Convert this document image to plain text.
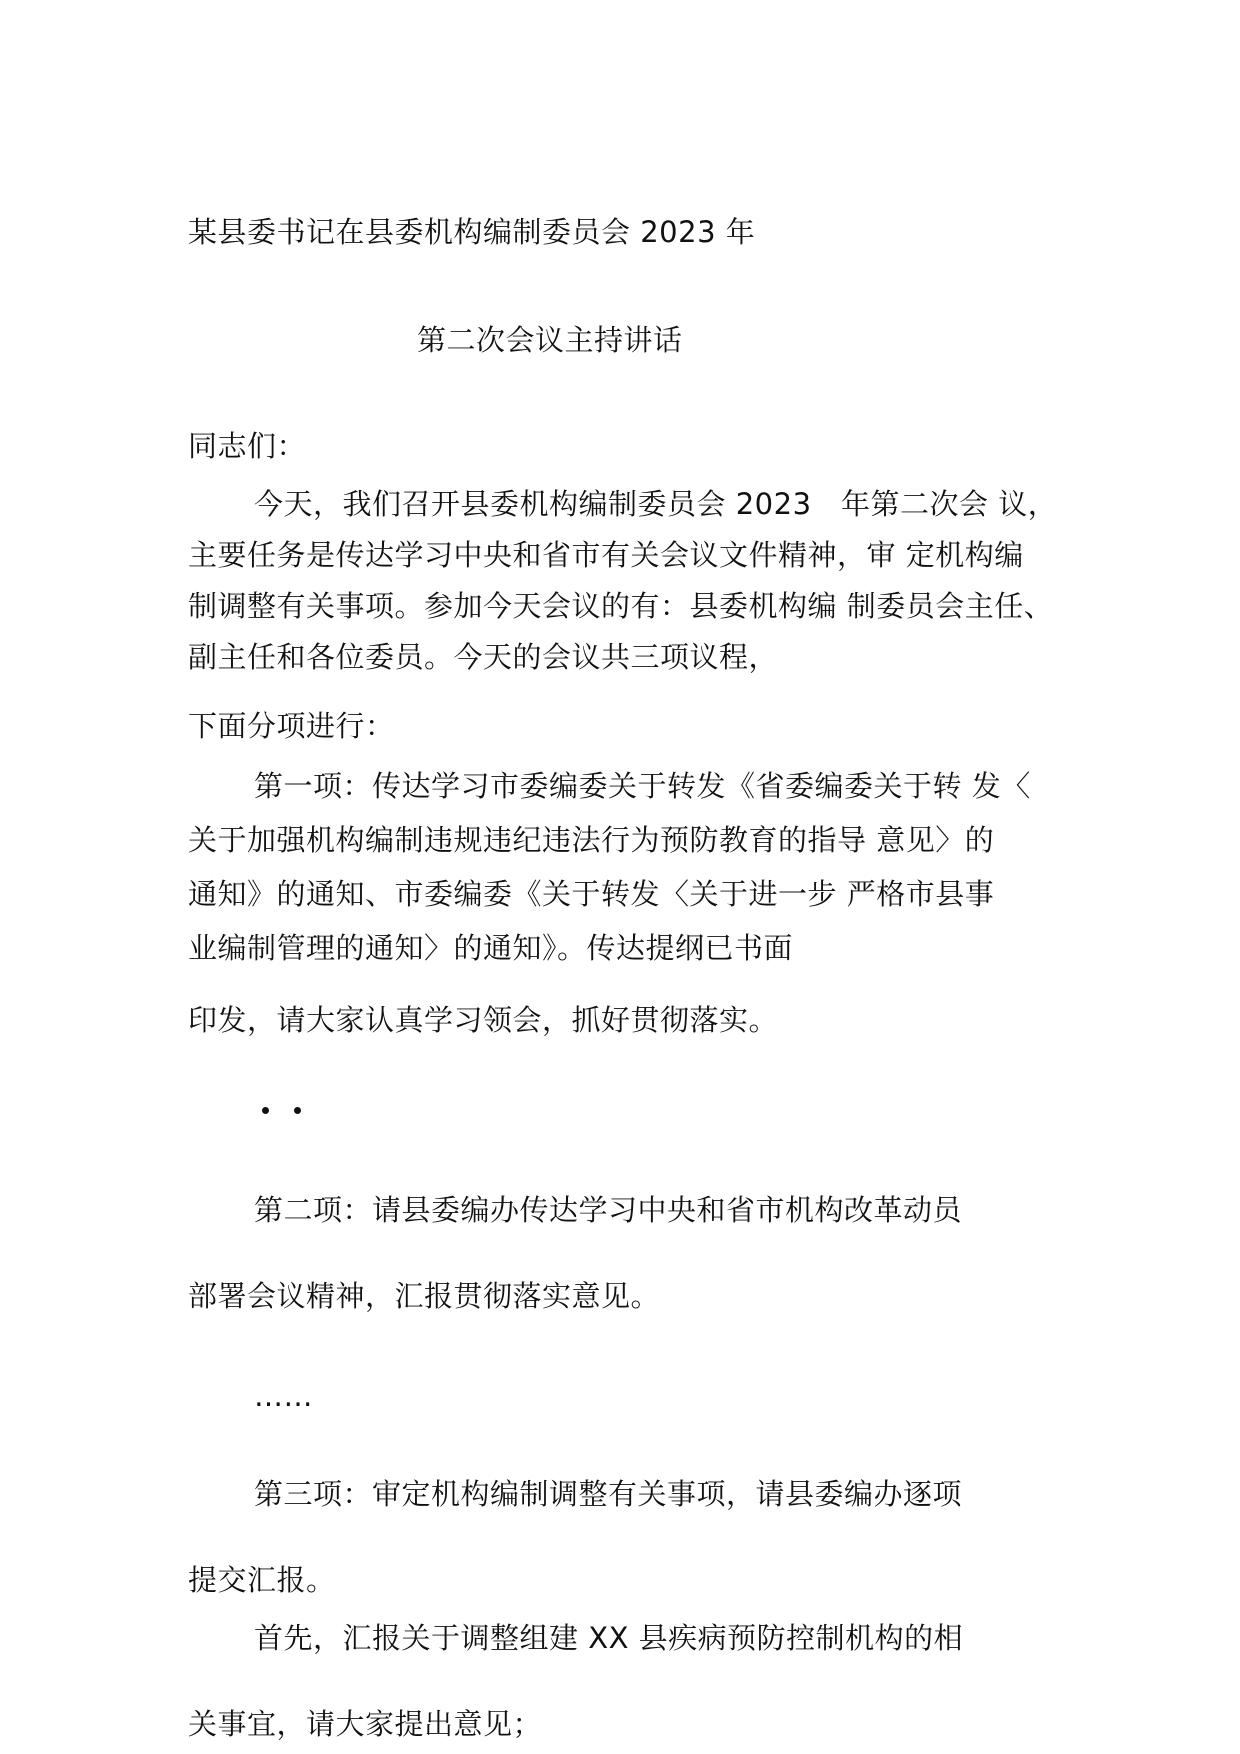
某县委书记在县委机构编制委员会 2023 年
第二次会议主持讲话
同志们：
今天，我们召开县委机构编制委员会 2023　年第二次会 议，
主要任务是传达学习中央和省市有关会议文件精神，审 定机构编
制调整有关事项。参加今天会议的有：县委机构编 制委员会主任、
副主任和各位委员。今天的会议共三项议程，
下面分项进行：
第一项：传达学习市委编委关于转发《省委编委关于转 发〈
关于加强机构编制违规违纪违法行为预防教育的指导 意见〉的
通知》的通知、市委编委《关于转发〈关于进一步 严格市县事
业编制管理的通知〉的通知》。传达提纲已书面
印发，请大家认真学习领会，抓好贯彻落实。
第二项：请县委编办传达学习中央和省市机构改革动员
部署会议精神，汇报贯彻落实意见。
……
第三项：审定机构编制调整有关事项，请县委编办逐项
提交汇报。
首先，汇报关于调整组建 XX 县疾病预防控制机构的相
关事宜，请大家提出意见；
